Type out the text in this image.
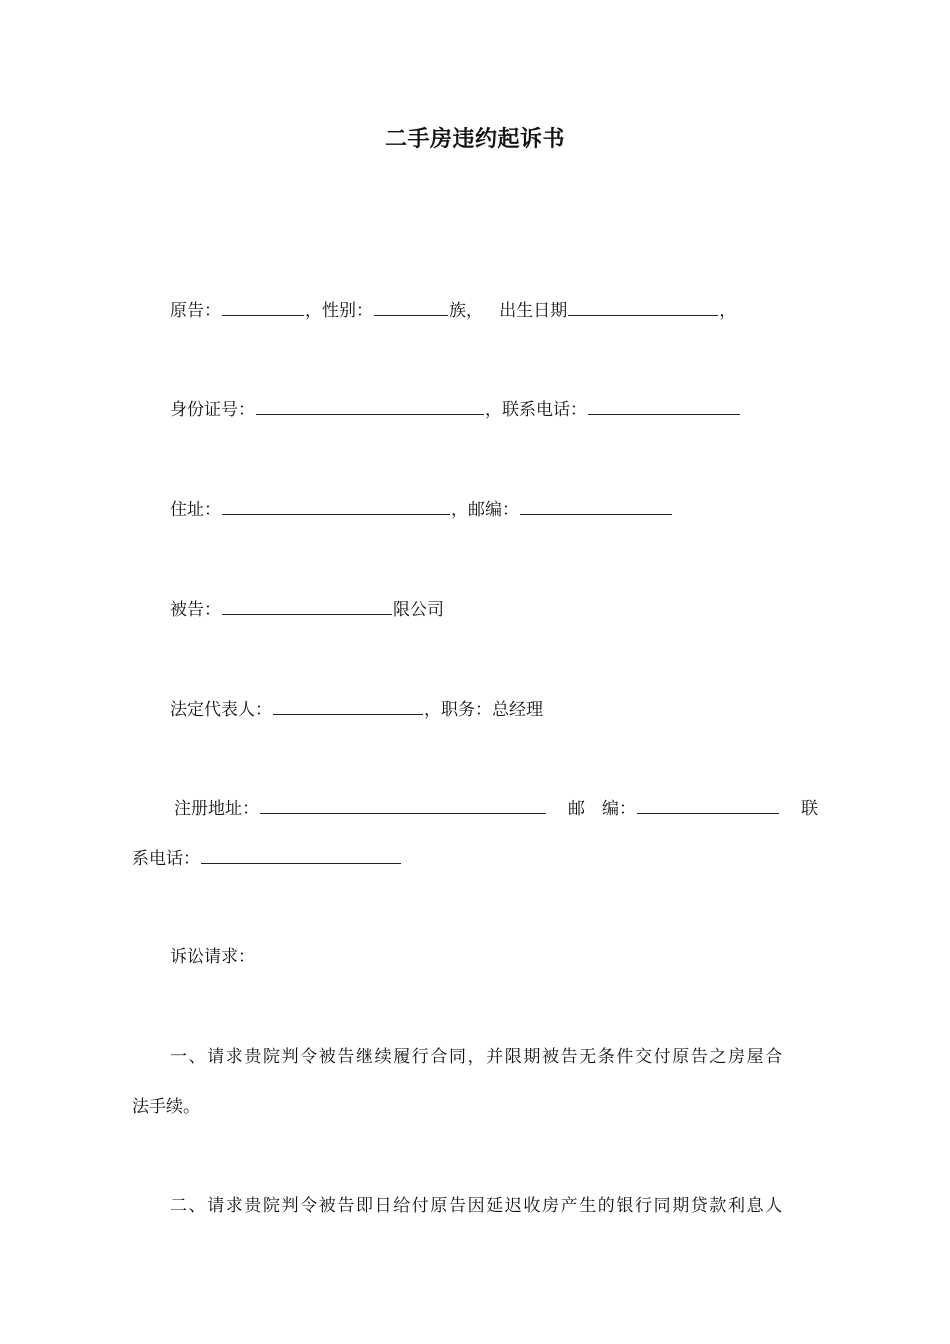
二手房违约起诉书
原告：	，性别：	族， 出生日期	，
身份证号：	，联系电话：
住址：	，邮编：
被告：	限公司
法定代表人：	，职务：总经理
注册地址：	邮　编：	联
系电话：
诉讼请求：
一、请求贵院判令被告继续履行合同，并限期被告无条件交付原告之房屋合
法手续。
二、请求贵院判令被告即日给付原告因延迟收房产生的银行同期贷款利息人
